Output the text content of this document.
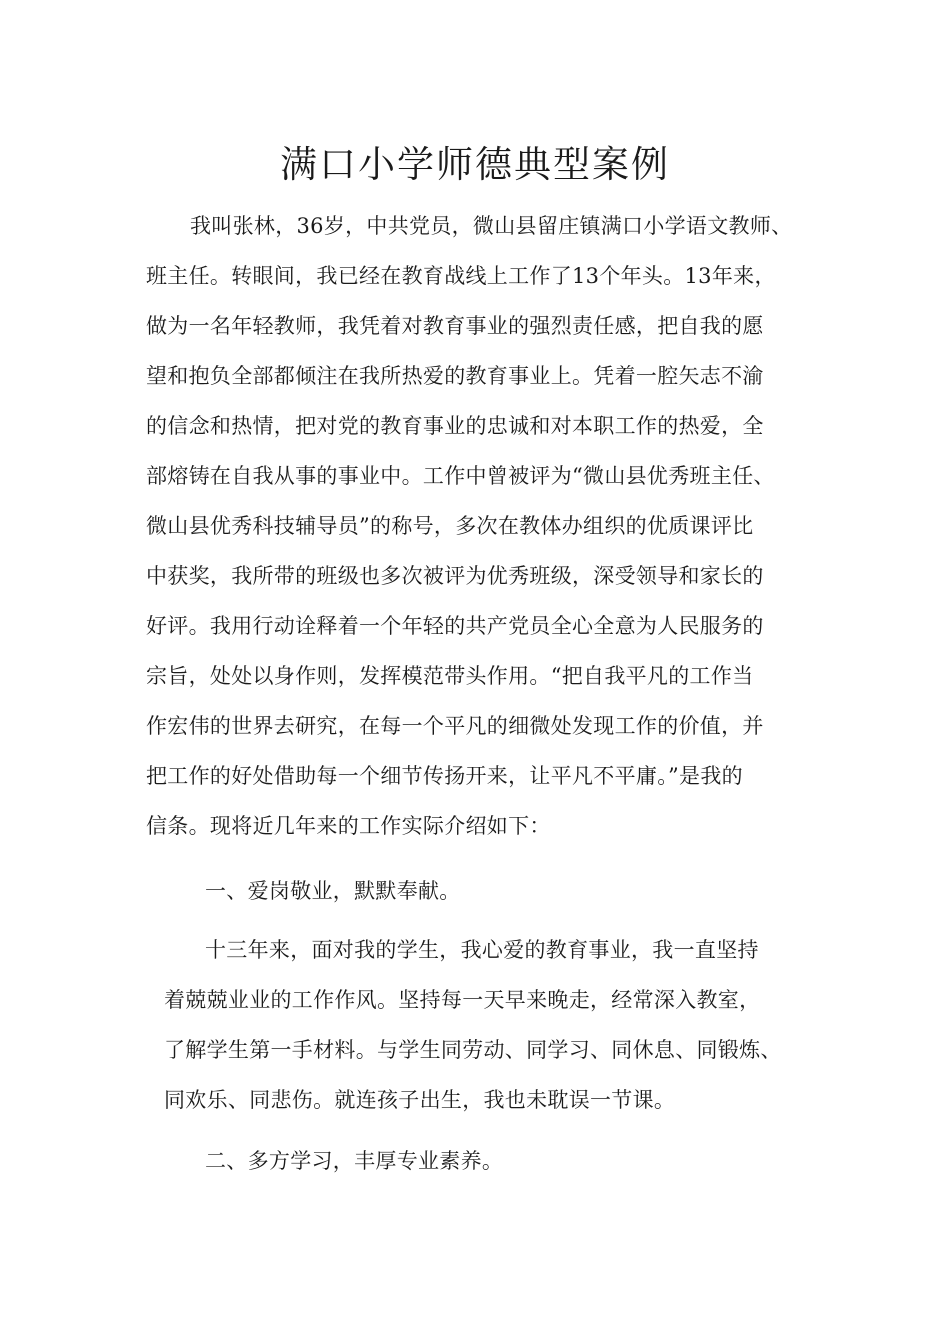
满口小学师德典型案例

我叫张林，36岁，中共党员，微山县留庄镇满口小学语文教师、

班主任。转眼间，我已经在教育战线上工作了13个年头。13年来，

做为一名年轻教师，我凭着对教育事业的强烈责任感，把自我的愿

望和抱负全部都倾注在我所热爱的教育事业上。凭着一腔矢志不渝

的信念和热情，把对党的教育事业的忠诚和对本职工作的热爱，全

部熔铸在自我从事的事业中。工作中曾被评为“微山县优秀班主任、

微山县优秀科技辅导员”的称号，多次在教体办组织的优质课评比

中获奖，我所带的班级也多次被评为优秀班级，深受领导和家长的

好评。我用行动诠释着一个年轻的共产党员全心全意为人民服务的

宗旨，处处以身作则，发挥模范带头作用。“把自我平凡的工作当

作宏伟的世界去研究，在每一个平凡的细微处发现工作的价值，并

把工作的好处借助每一个细节传扬开来，让平凡不平庸。”是我的

信条。现将近几年来的工作实际介绍如下：

一、爱岗敬业，默默奉献。

十三年来，面对我的学生，我心爱的教育事业，我一直坚持

着兢兢业业的工作作风。坚持每一天早来晚走，经常深入教室，

了解学生第一手材料。与学生同劳动、同学习、同休息、同锻炼、

同欢乐、同悲伤。就连孩子出生，我也未耽误一节课。

二、多方学习，丰厚专业素养。
